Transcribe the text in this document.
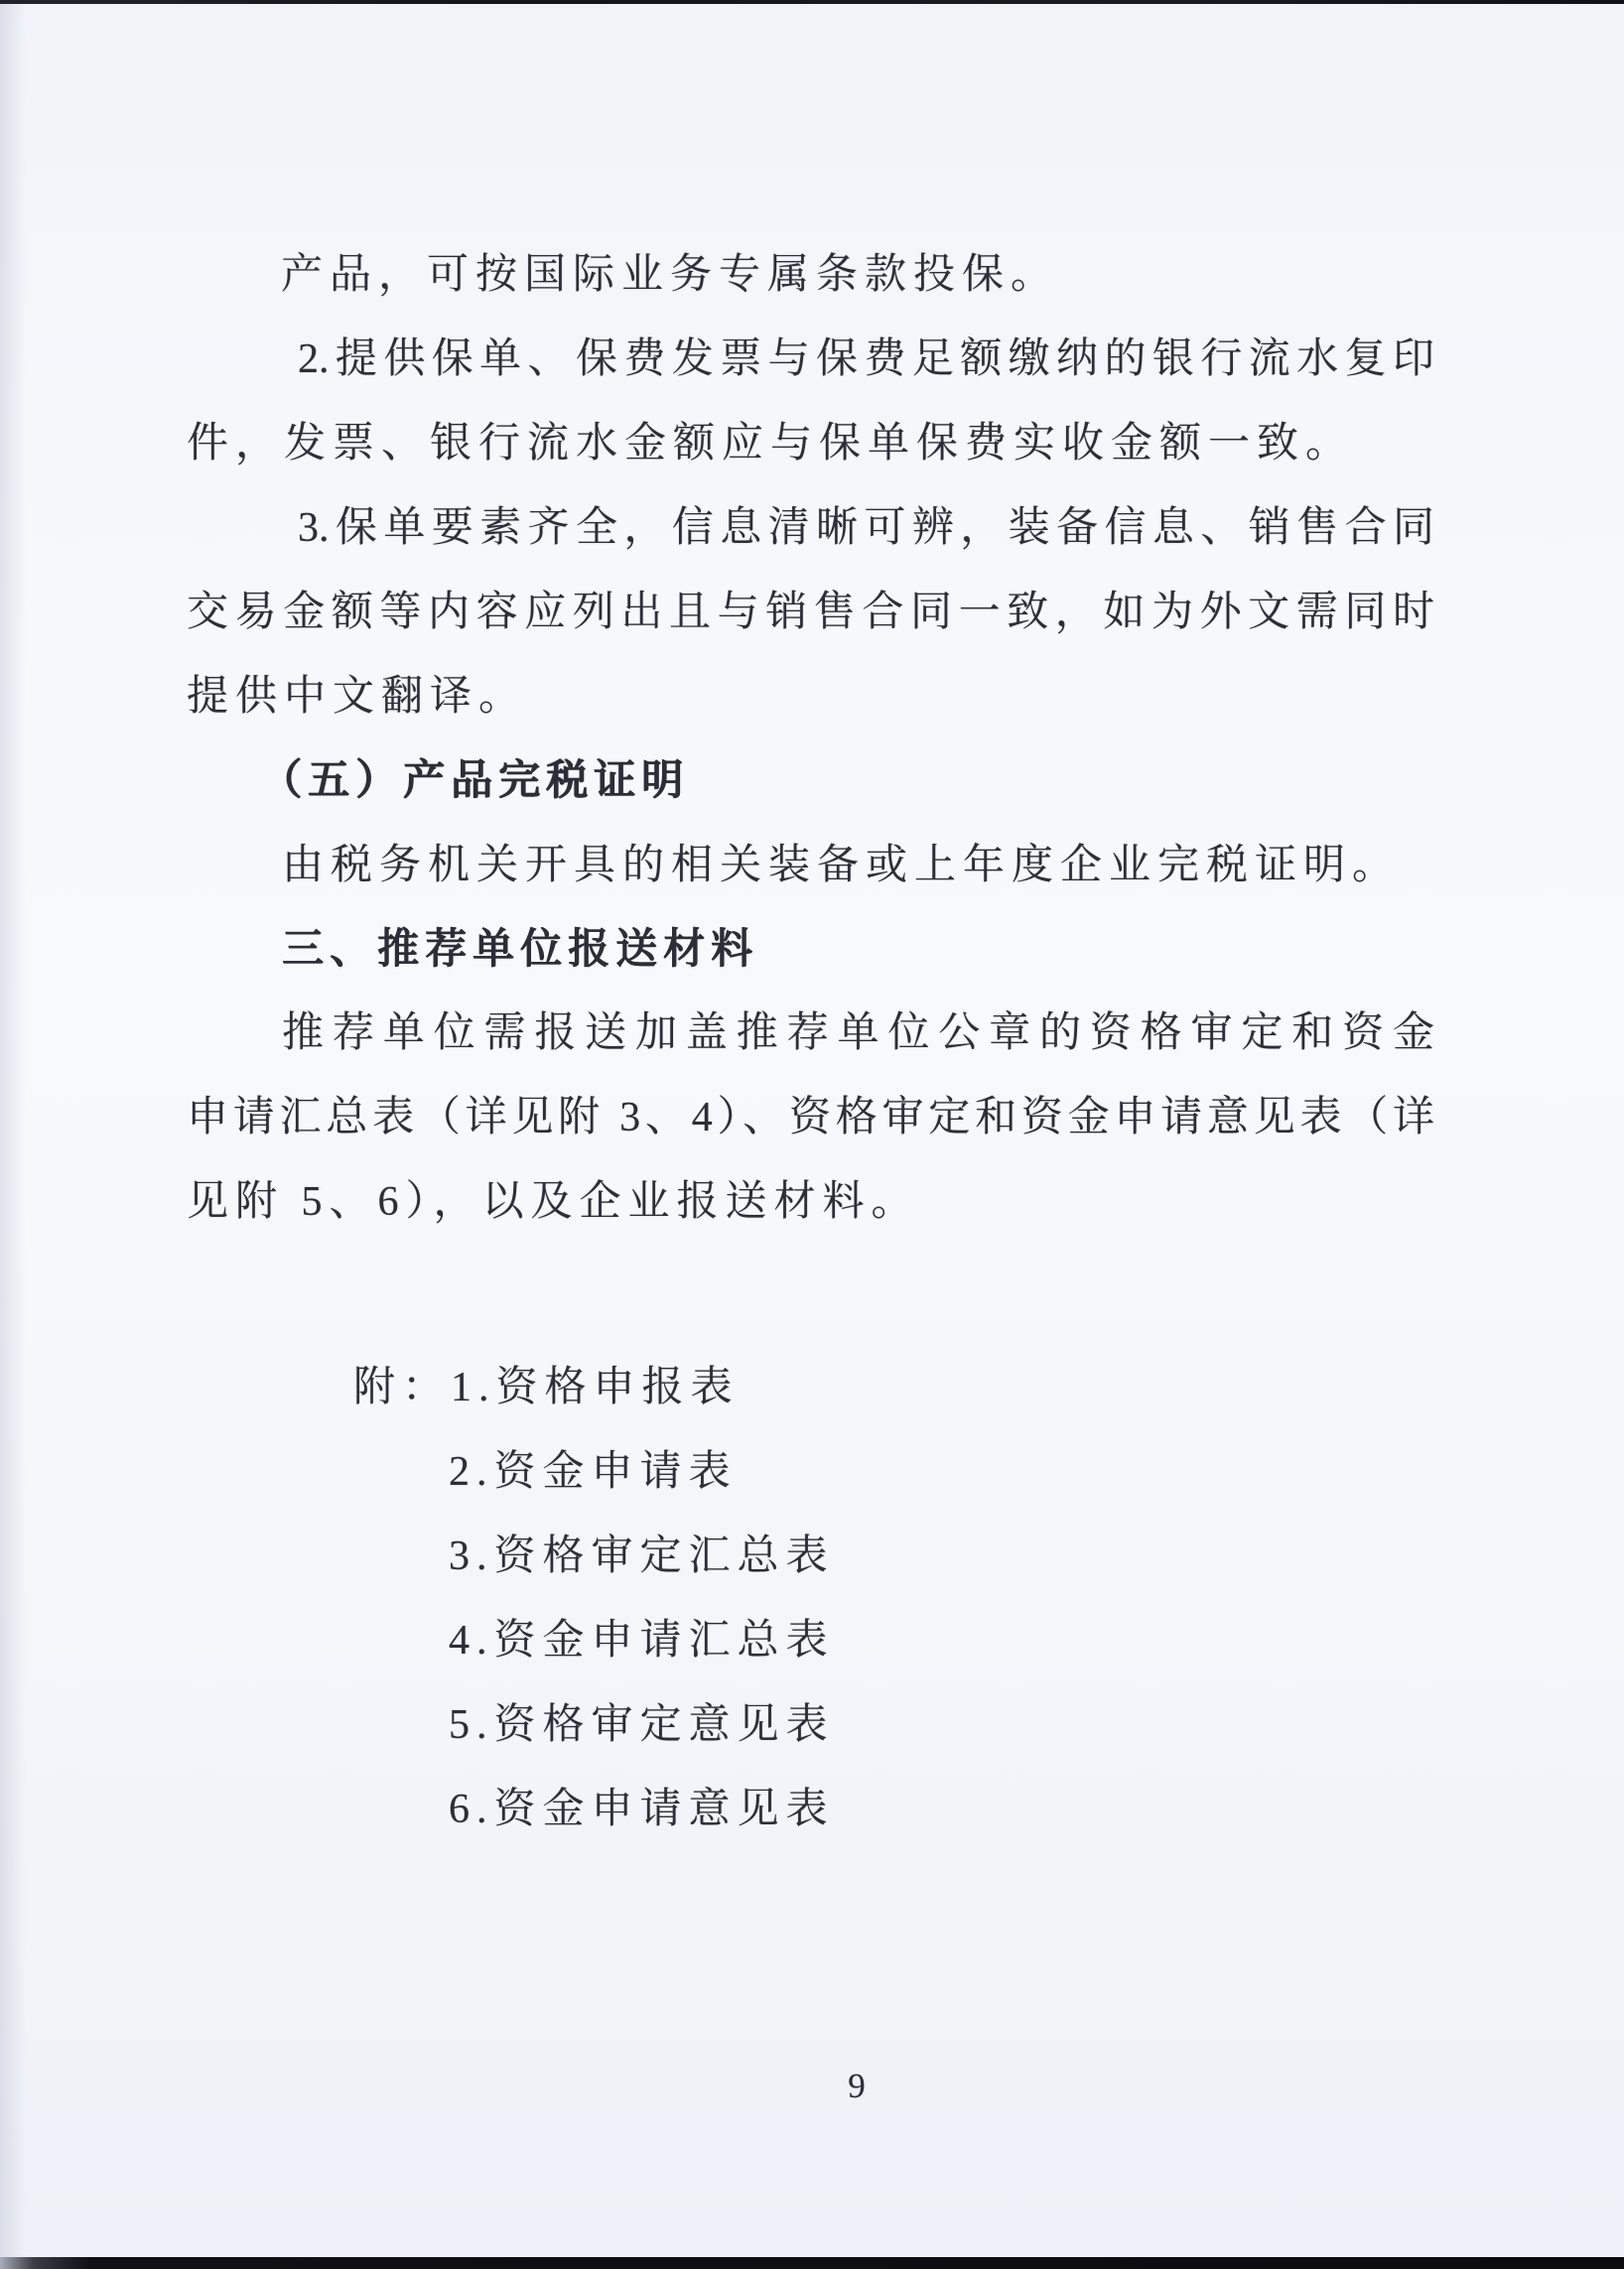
产品，可按国际业务专属条款投保。
2.提供保单、保费发票与保费足额缴纳的银行流水复印
件，发票、银行流水金额应与保单保费实收金额一致。
3.保单要素齐全，信息清晰可辨，装备信息、销售合同
交易金额等内容应列出且与销售合同一致，如为外文需同时
提供中文翻译。
（五）产品完税证明
由税务机关开具的相关装备或上年度企业完税证明。
三、推荐单位报送材料
推荐单位需报送加盖推荐单位公章的资格审定和资金
申请汇总表（详见附 3、4）、资格审定和资金申请意见表（详
见附 5、6），以及企业报送材料。
附：1.资格申报表
2.资金申请表
3.资格审定汇总表
4.资金申请汇总表
5.资格审定意见表
6.资金申请意见表
9
